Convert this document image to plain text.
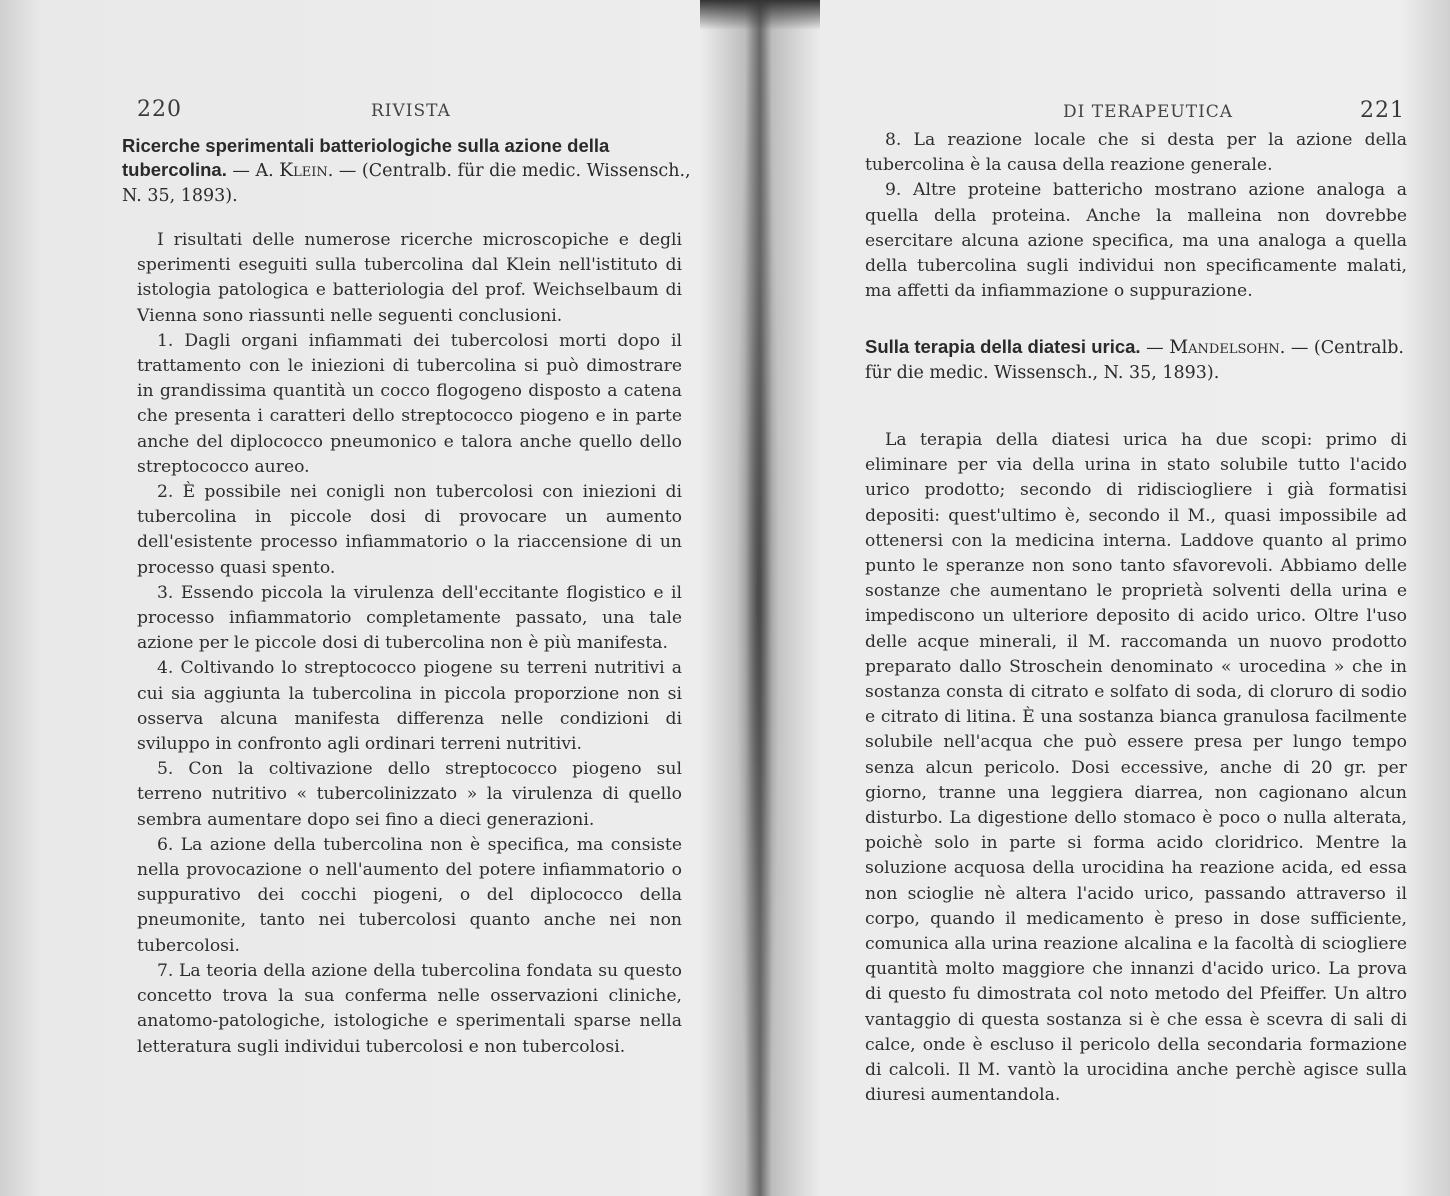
220	RIVISTA
Ricerche sperimentali batteriologiche sulla azione della tubercolina. — A. Klein. — (Centralb. für die medic. Wissensch., N. 35, 1893).

I risultati delle numerose ricerche microscopiche e degli sperimenti eseguiti sulla tubercolina dal Klein nell'istituto di istologia patologica e batteriologia del prof. Weichselbaum di Vienna sono riassunti nelle seguenti conclusioni.

1. Dagli organi infiammati dei tubercolosi morti dopo il trattamento con le iniezioni di tubercolina si può dimostrare in grandissima quantità un cocco flogogeno disposto a catena che presenta i caratteri dello streptococco piogeno e in parte anche del diplococco pneumonico e talora anche quello dello streptococco aureo.

2. È possibile nei conigli non tubercolosi con iniezioni di tubercolina in piccole dosi di provocare un aumento dell'esistente processo infiammatorio o la riaccensione di un processo quasi spento.

3. Essendo piccola la virulenza dell'eccitante flogistico e il processo infiammatorio completamente passato, una tale azione per le piccole dosi di tubercolina non è più manifesta.

4. Coltivando lo streptococco piogene su terreni nutritivi a cui sia aggiunta la tubercolina in piccola proporzione non si osserva alcuna manifesta differenza nelle condizioni di sviluppo in confronto agli ordinari terreni nutritivi.

5. Con la coltivazione dello streptococco piogeno sul terreno nutritivo « tubercolinizzato » la virulenza di quello sembra aumentare dopo sei fino a dieci generazioni.

6. La azione della tubercolina non è specifica, ma consiste nella provocazione o nell'aumento del potere infiammatorio o suppurativo dei cocchi piogeni, o del diplococco della pneumonite, tanto nei tubercolosi quanto anche nei non tubercolosi.

7. La teoria della azione della tubercolina fondata su questo concetto trova la sua conferma nelle osservazioni cliniche, anatomo-patologiche, istologiche e sperimentali sparse nella letteratura sugli individui tubercolosi e non tubercolosi.

DI TERAPEUTICA	221

8. La reazione locale che si desta per la azione della tubercolina è la causa della reazione generale.

9. Altre proteine battericho mostrano azione analoga a quella della proteina. Anche la malleina non dovrebbe esercitare alcuna azione specifica, ma una analoga a quella della tubercolina sugli individui non specificamente malati, ma affetti da infiammazione o suppurazione.

Sulla terapia della diatesi urica. — Mandelsohn. — (Centralb. für die medic. Wissensch., N. 35, 1893).

La terapia della diatesi urica ha due scopi: primo di eliminare per via della urina in stato solubile tutto l'acido urico prodotto; secondo di ridisciogliere i già formatisi depositi: quest'ultimo è, secondo il M., quasi impossibile ad ottenersi con la medicina interna. Laddove quanto al primo punto le speranze non sono tanto sfavorevoli. Abbiamo delle sostanze che aumentano le proprietà solventi della urina e impediscono un ulteriore deposito di acido urico. Oltre l'uso delle acque minerali, il M. raccomanda un nuovo prodotto preparato dallo Stroschein denominato « urocedina » che in sostanza consta di citrato e solfato di soda, di cloruro di sodio e citrato di litina. È una sostanza bianca granulosa facilmente solubile nell'acqua che può essere presa per lungo tempo senza alcun pericolo. Dosi eccessive, anche di 20 gr. per giorno, tranne una leggiera diarrea, non cagionano alcun disturbo. La digestione dello stomaco è poco o nulla alterata, poichè solo in parte si forma acido cloridrico. Mentre la soluzione acquosa della urocidina ha reazione acida, ed essa non scioglie nè altera l'acido urico, passando attraverso il corpo, quando il medicamento è preso in dose sufficiente, comunica alla urina reazione alcalina e la facoltà di sciogliere quantità molto maggiore che innanzi d'acido urico. La prova di questo fu dimostrata col noto metodo del Pfeiffer. Un altro vantaggio di questa sostanza si è che essa è scevra di sali di calce, onde è escluso il pericolo della secondaria formazione di calcoli. Il M. vantò la urocidina anche perchè agisce sulla diuresi aumentandola.
